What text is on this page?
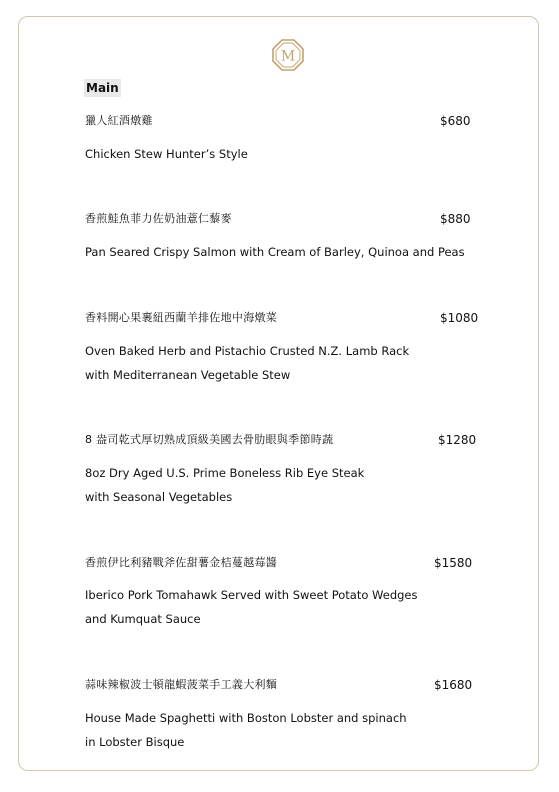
M
Main
獵人紅酒燉雞	$680
Chicken Stew Hunter’s Style
香煎鮭魚菲力佐奶油薏仁藜麥	$880
Pan Seared Crispy Salmon with Cream of Barley, Quinoa and Peas
香料開心果裹紐西蘭羊排佐地中海燉菜	$1080
Oven Baked Herb and Pistachio Crusted N.Z. Lamb Rack
with Mediterranean Vegetable Stew
8 盎司乾式厚切熟成頂級美國去骨肋眼與季節時蔬	$1280
8oz Dry Aged U.S. Prime Boneless Rib Eye Steak
with Seasonal Vegetables
香煎伊比利豬戰斧佐甜薯金桔蔓越莓醬	$1580
Iberico Pork Tomahawk Served with Sweet Potato Wedges
and Kumquat Sauce
蒜味辣椒波士頓龍蝦菠菜手工義大利麵	$1680
House Made Spaghetti with Boston Lobster and spinach
in Lobster Bisque
